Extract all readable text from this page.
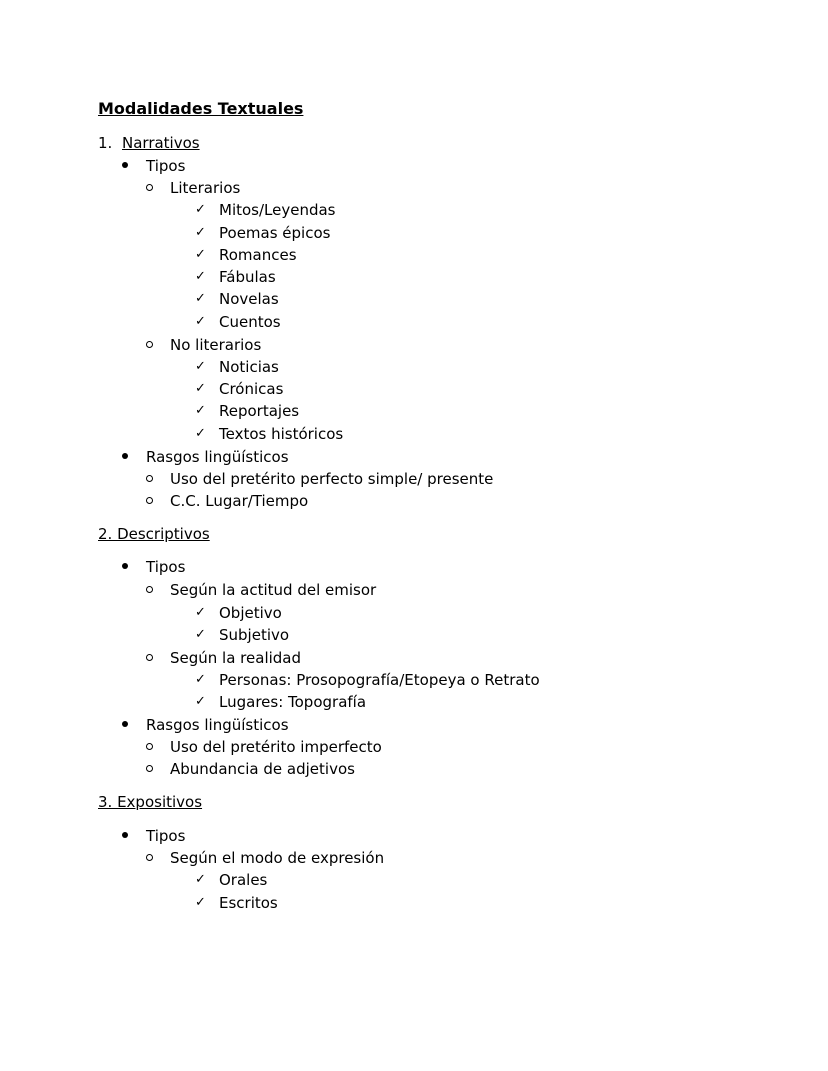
Modalidades Textuales
1. Narrativos
Tipos
Literarios
✓ Mitos/Leyendas
✓ Poemas épicos
✓ Romances
✓ Fábulas
✓ Novelas
✓ Cuentos
No literarios
✓ Noticias
✓ Crónicas
✓ Reportajes
✓ Textos históricos
Rasgos lingüísticos
Uso del pretérito perfecto simple/ presente
C.C. Lugar/Tiempo
2. Descriptivos
Tipos
Según la actitud del emisor
✓ Objetivo
✓ Subjetivo
Según la realidad
✓ Personas: Prosopografía/Etopeya o Retrato
✓ Lugares: Topografía
Rasgos lingüísticos
Uso del pretérito imperfecto
Abundancia de adjetivos
3. Expositivos
Tipos
Según el modo de expresión
✓ Orales
✓ Escritos
